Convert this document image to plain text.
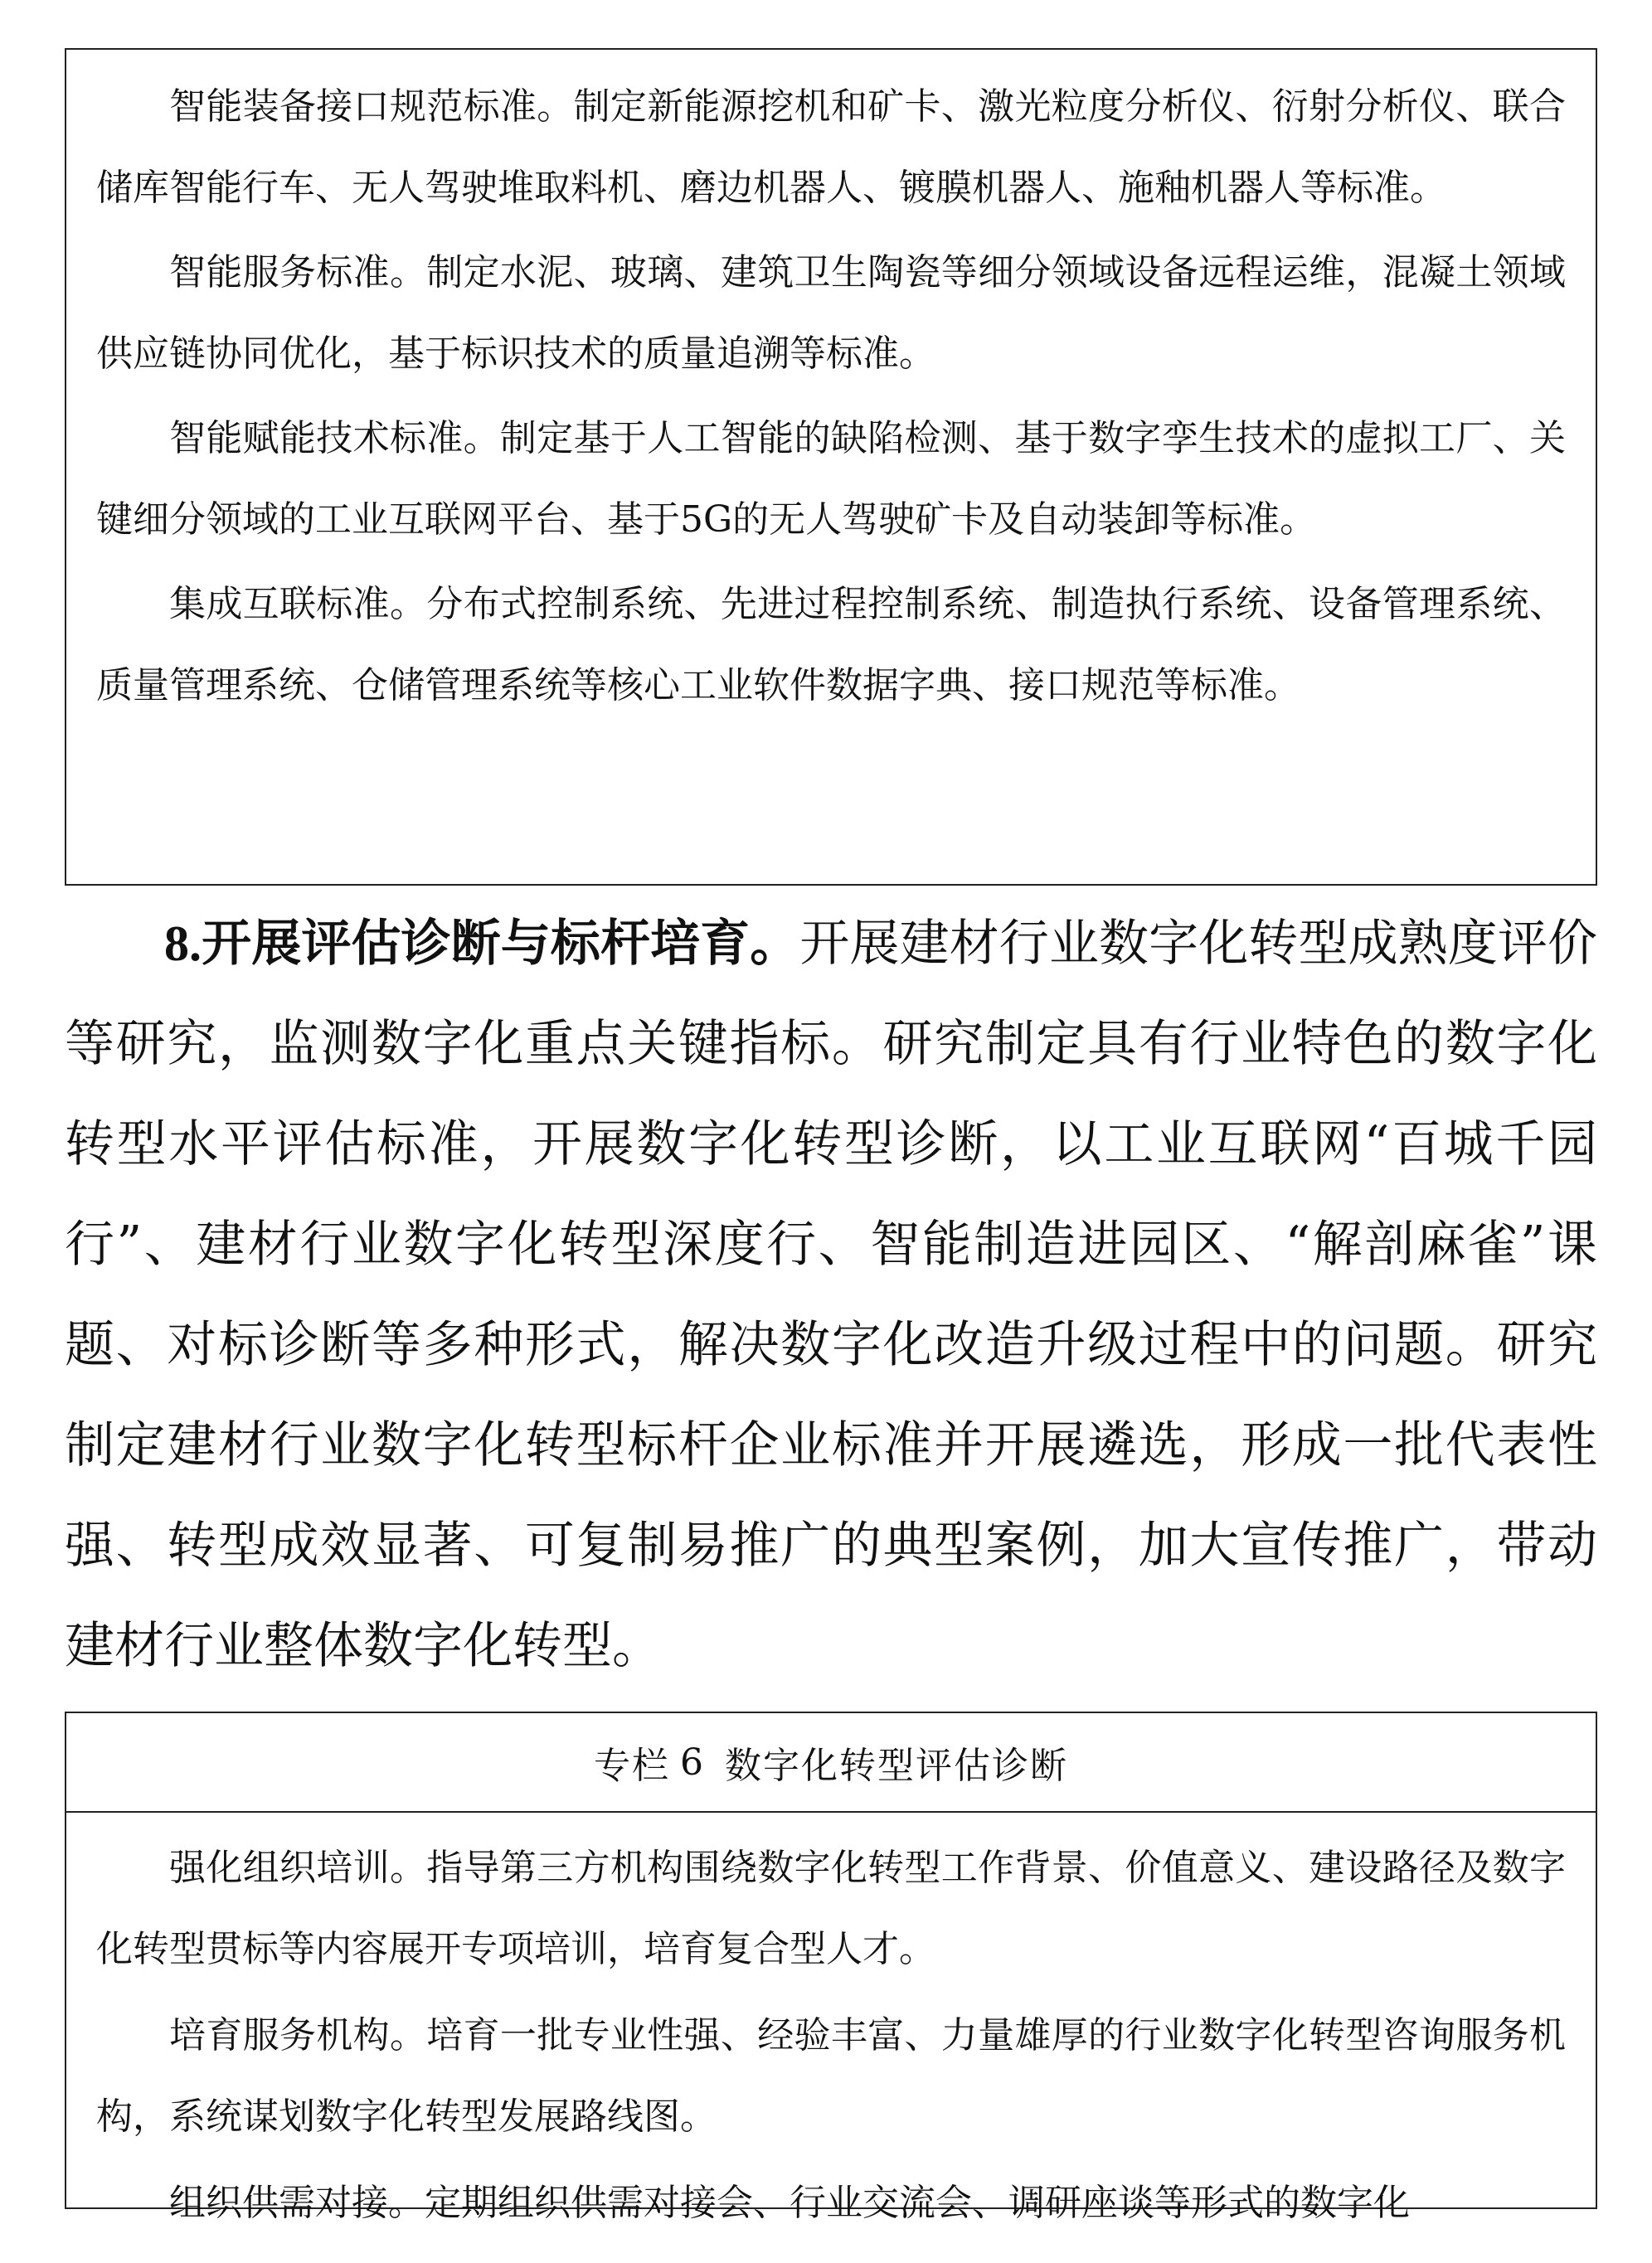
智能装备接口规范标准。制定新能源挖机和矿卡、激光粒度分析仪、衍射分析仪、联合储库智能行车、无人驾驶堆取料机、磨边机器人、镀膜机器人、施釉机器人等标准。

智能服务标准。制定水泥、玻璃、建筑卫生陶瓷等细分领域设备远程运维，混凝土领域供应链协同优化，基于标识技术的质量追溯等标准。

智能赋能技术标准。制定基于人工智能的缺陷检测、基于数字孪生技术的虚拟工厂、关键细分领域的工业互联网平台、基于5G的无人驾驶矿卡及自动装卸等标准。

集成互联标准。分布式控制系统、先进过程控制系统、制造执行系统、设备管理系统、质量管理系统、仓储管理系统等核心工业软件数据字典、接口规范等标准。

8.开展评估诊断与标杆培育。开展建材行业数字化转型成熟度评价等研究，监测数字化重点关键指标。研究制定具有行业特色的数字化转型水平评估标准，开展数字化转型诊断，以工业互联网“百城千园行”、建材行业数字化转型深度行、智能制造进园区、“解剖麻雀”课题、对标诊断等多种形式，解决数字化改造升级过程中的问题。研究制定建材行业数字化转型标杆企业标准并开展遴选，形成一批代表性强、转型成效显著、可复制易推广的典型案例，加大宣传推广，带动建材行业整体数字化转型。

专栏 6 数字化转型评估诊断

强化组织培训。指导第三方机构围绕数字化转型工作背景、价值意义、建设路径及数字化转型贯标等内容展开专项培训，培育复合型人才。

培育服务机构。培育一批专业性强、经验丰富、力量雄厚的行业数字化转型咨询服务机构，系统谋划数字化转型发展路线图。

组织供需对接。定期组织供需对接会、行业交流会、调研座谈等形式的数字化
